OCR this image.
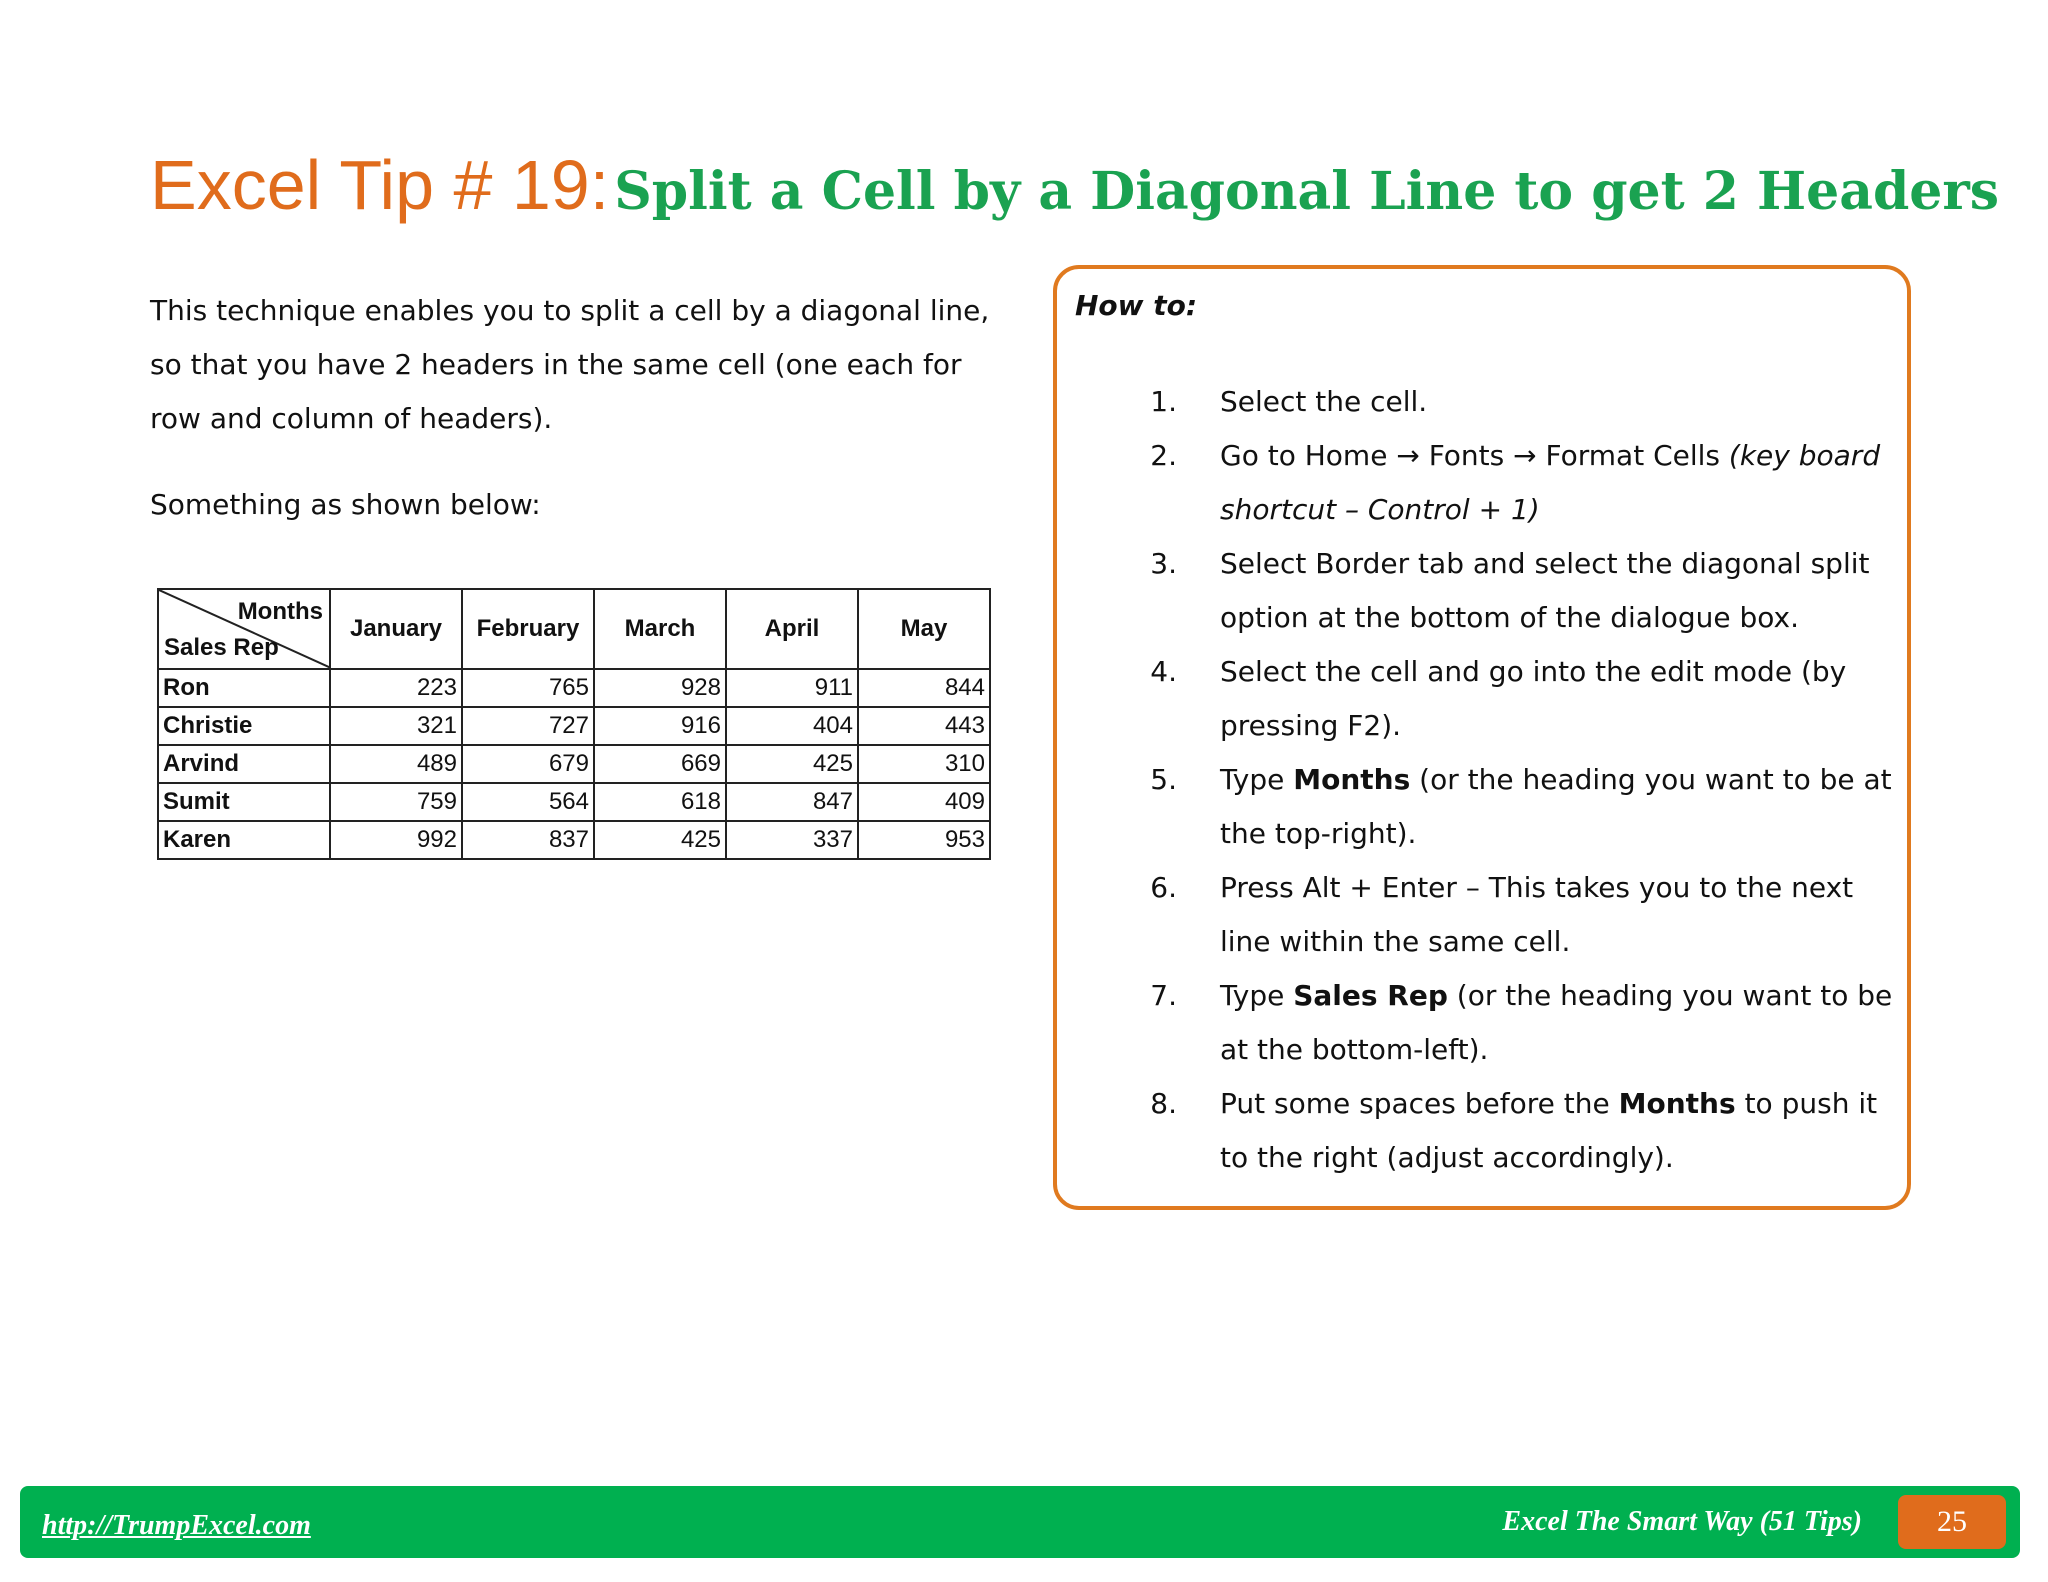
Excel Tip # 19: Split a Cell by a Diagonal Line to get 2 Headers

This technique enables you to split a cell by a diagonal line, so that you have 2 headers in the same cell (one each for row and column of headers).

Something as shown below:

Months
Sales Rep	January	February	March	April	May
Ron	223	765	928	911	844
Christie	321	727	916	404	443
Arvind	489	679	669	425	310
Sumit	759	564	618	847	409
Karen	992	837	425	337	953
How to:
1. Select the cell.
2. Go to Home → Fonts → Format Cells (key board shortcut – Control + 1)
3. Select Border tab and select the diagonal split option at the bottom of the dialogue box.
4. Select the cell and go into the edit mode (by pressing F2).
5. Type Months (or the heading you want to be at the top-right).
6. Press Alt + Enter – This takes you to the next line within the same cell.
7. Type Sales Rep (or the heading you want to be at the bottom-left).
8. Put some spaces before the Months to push it to the right (adjust accordingly).
http://TrumpExcel.com	Excel The Smart Way (51 Tips)	25
